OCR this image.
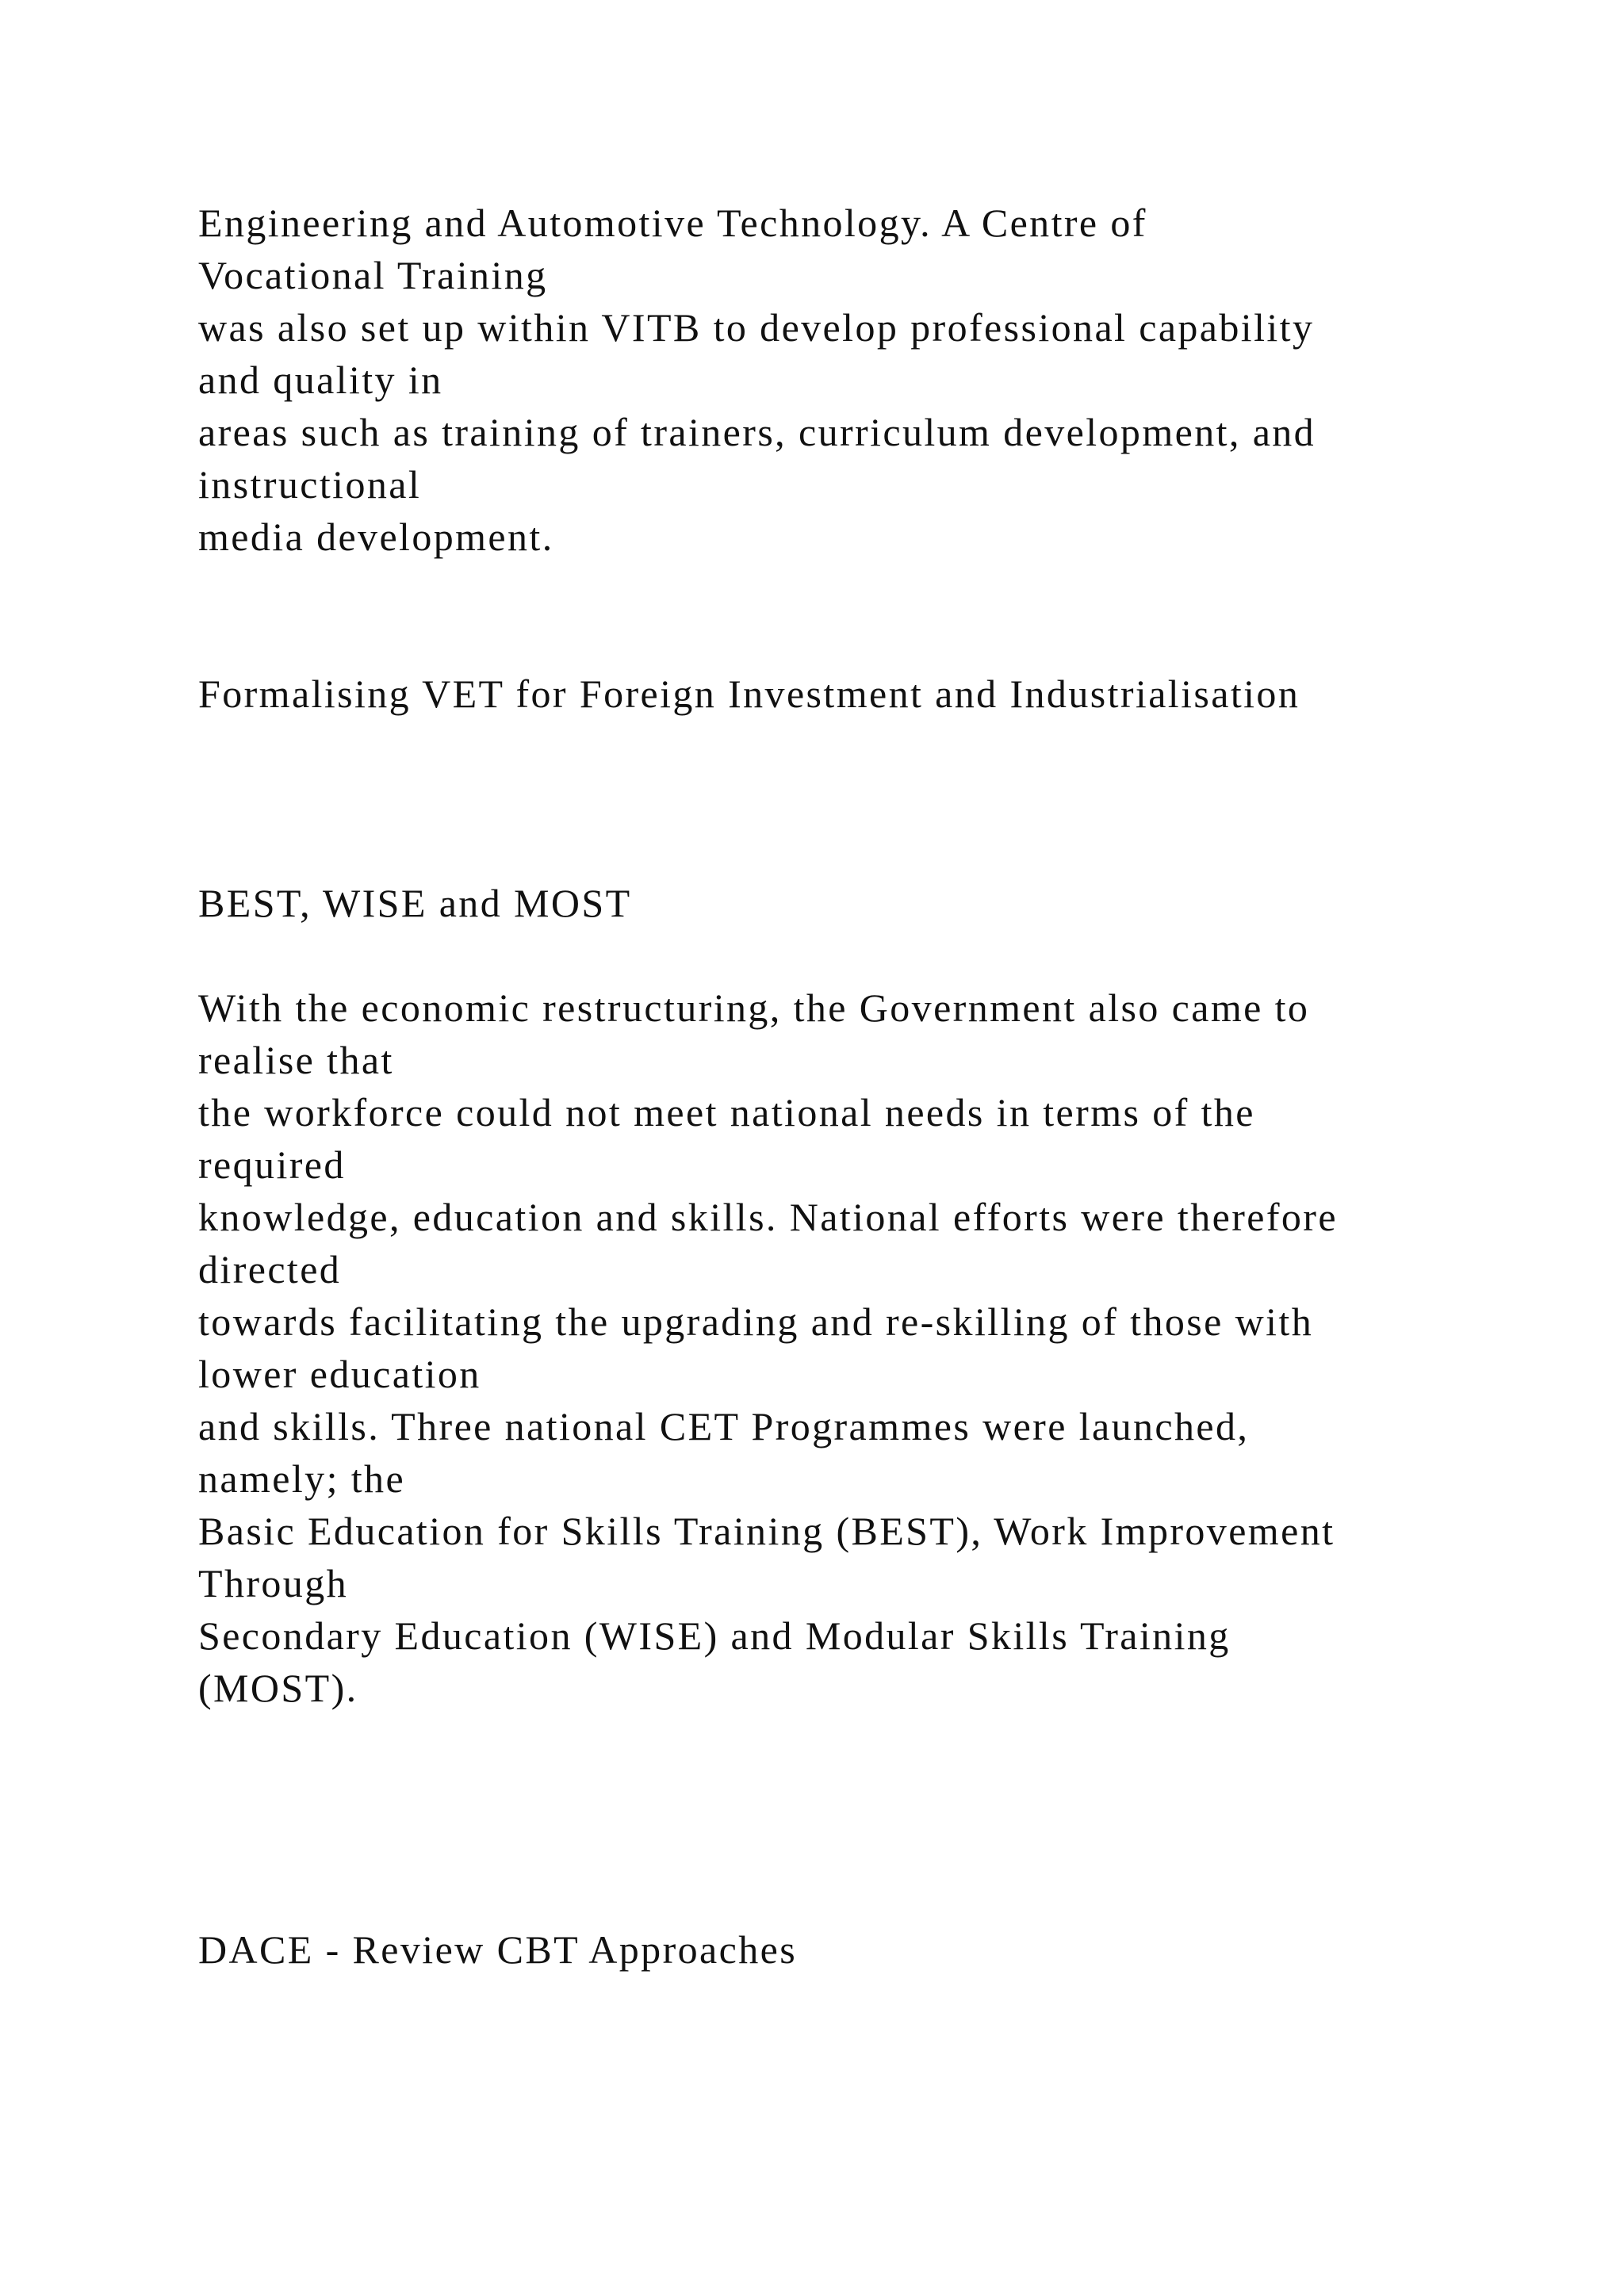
Engineering and Automotive Technology. A Centre of

Vocational Training

was also set up within VITB to develop professional capability

and quality in

areas such as training of trainers, curriculum development, and

instructional

media development.

Formalising VET for Foreign Investment and Industrialisation

BEST, WISE and MOST

With the economic restructuring, the Government also came to

realise that

the workforce could not meet national needs in terms of the

required

knowledge, education and skills. National efforts were therefore

directed

towards facilitating the upgrading and re-skilling of those with

lower education

and skills. Three national CET Programmes were launched,

namely; the

Basic Education for Skills Training (BEST), Work Improvement

Through

Secondary Education (WISE) and Modular Skills Training

(MOST).

DACE - Review CBT Approaches
